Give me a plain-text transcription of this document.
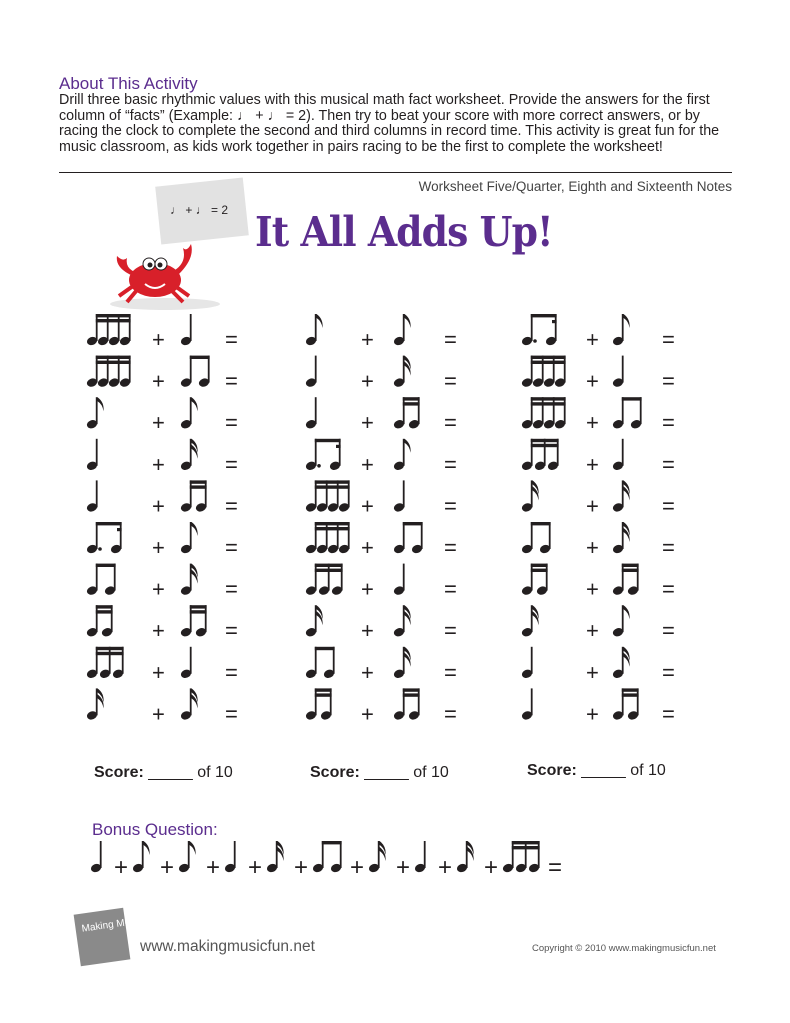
About This Activity
Drill three basic rhythmic values with this musical math fact worksheet. Provide the answers for the first column of “facts” (Example: ♩ + ♩ = 2). Then try to beat your score with more correct answers, or by racing the clock to complete the second and third columns in record time. This activity is great fun for the music classroom, as kids work together in pairs racing to be the first to complete the worksheet!
Worksheet Five/Quarter, Eighth and Sixteenth Notes
♩ + ♩ = 2 It All Adds Up!
+	=
+	=
+	=
+	=
+	=
+	=
+	=
+	=
+	=
+	=
+	=
+	=
+	=
+	=
+	=
+	=
+	=
+	=
+	=
+	=
+	=
+	=
+	=
+	=
+	=
+	=
+	=
+	=
+	=
+	=
Score: _____ of 10	Score: _____ of 10	Score: _____ of 10
Bonus Question:
+ + + + + + + + + =
Making Music Fun!
www.makingmusicfun.net	Copyright © 2010 www.makingmusicfun.net
